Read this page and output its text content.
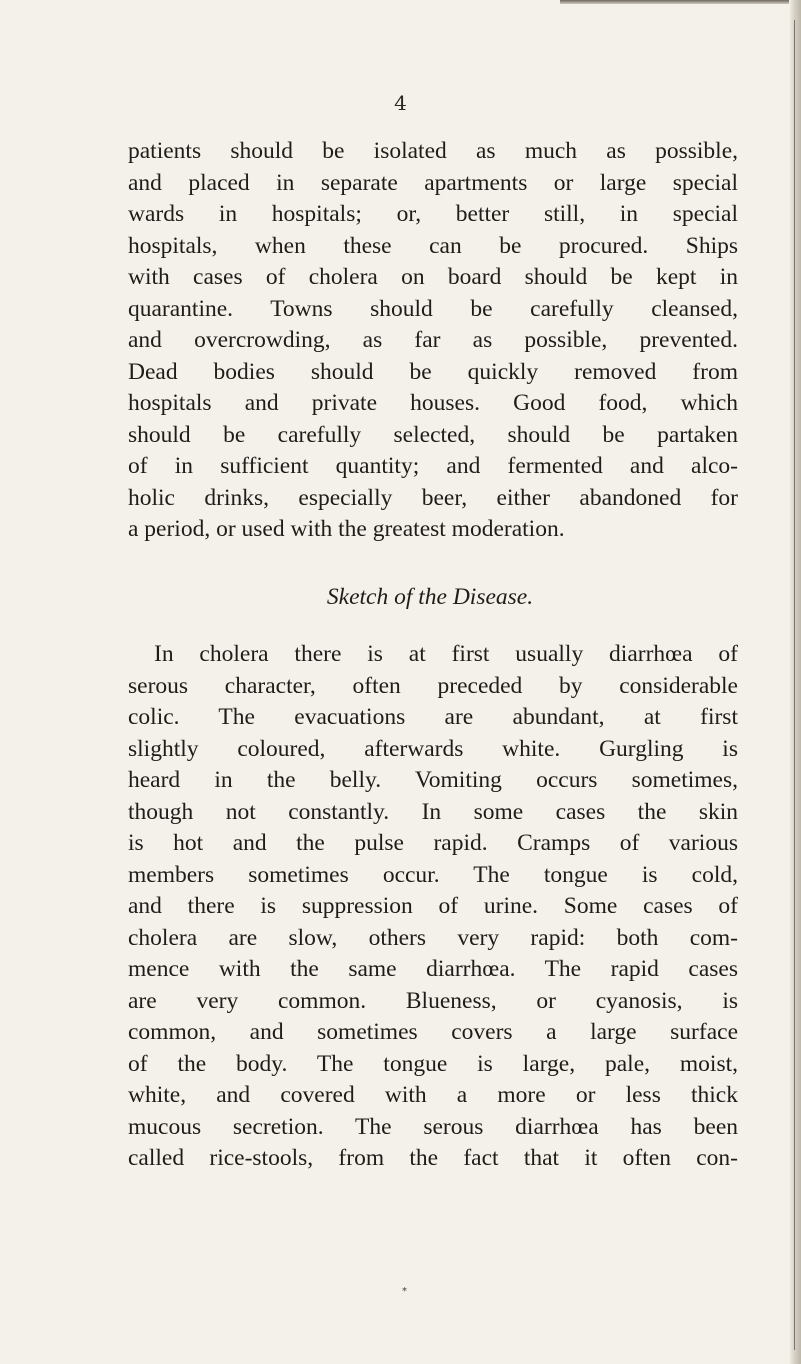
4
patients should be isolated as much as possible,
and placed in separate apartments or large special
wards in hospitals; or, better still, in special
hospitals, when these can be procured. Ships
with cases of cholera on board should be kept in
quarantine. Towns should be carefully cleansed,
and overcrowding, as far as possible, prevented.
Dead bodies should be quickly removed from
hospitals and private houses. Good food, which
should be carefully selected, should be partaken
of in sufficient quantity; and fermented and alco-
holic drinks, especially beer, either abandoned for
a period, or used with the greatest moderation.
Sketch of the Disease.
In cholera there is at first usually diarrhœa of
serous character, often preceded by considerable
colic. The evacuations are abundant, at first
slightly coloured, afterwards white. Gurgling is
heard in the belly. Vomiting occurs sometimes,
though not constantly. In some cases the skin
is hot and the pulse rapid. Cramps of various
members sometimes occur. The tongue is cold,
and there is suppression of urine. Some cases of
cholera are slow, others very rapid: both com-
mence with the same diarrhœa. The rapid cases
are very common. Blueness, or cyanosis, is
common, and sometimes covers a large surface
of the body. The tongue is large, pale, moist,
white, and covered with a more or less thick
mucous secretion. The serous diarrhœa has been
called rice-stools, from the fact that it often con-
*
